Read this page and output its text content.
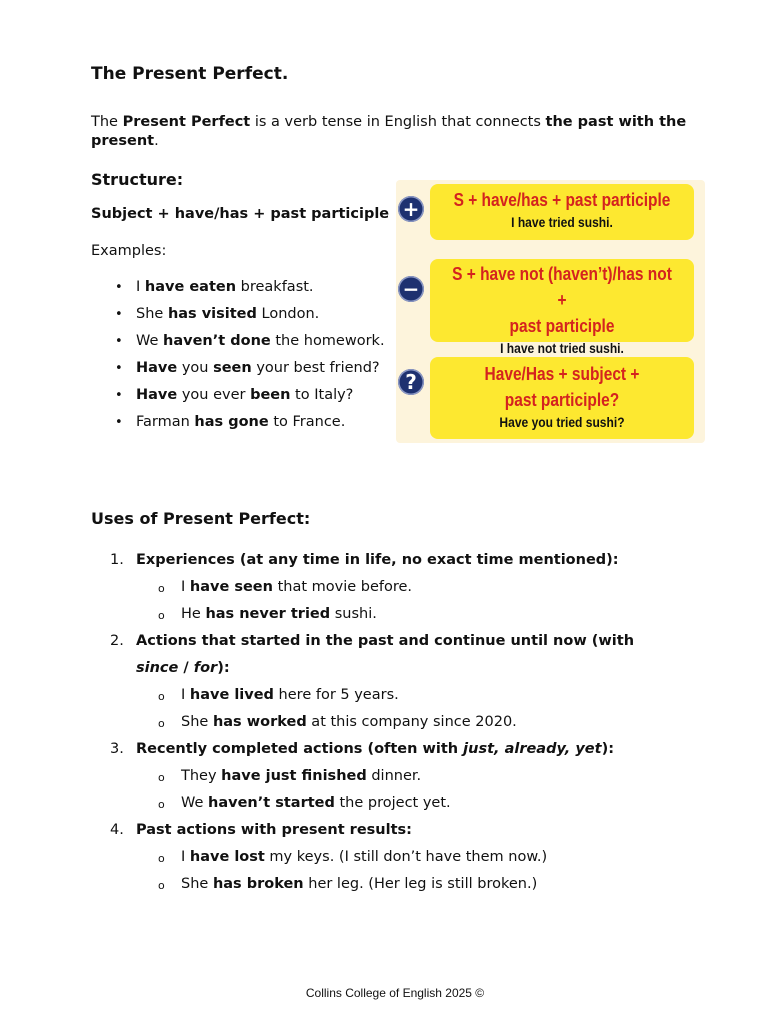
The Present Perfect.
The Present Perfect is a verb tense in English that connects the past with the present.
Structure:
Subject + have/has + past participle
Examples:
• I have eaten breakfast.
• She has visited London.
• We haven’t done the homework.
• Have you seen your best friend?
• Have you ever been to Italy?
• Farman has gone to France.
+ S + have/has + past participle
I have tried sushi.
−
S + have not (haven’t)/has not +
past participle
I have not tried sushi.
?	Have/Has + subject +
past participle?
Have you tried sushi?
Uses of Present Perfect:
1. Experiences (at any time in life, no exact time mentioned):
o I have seen that movie before.
o He has never tried sushi.
2. Actions that started in the past and continue until now (with since / for):
o I have lived here for 5 years.
o She has worked at this company since 2020.
3. Recently completed actions (often with just, already, yet):
o They have just finished dinner.
o We haven’t started the project yet.
4. Past actions with present results:
o I have lost my keys. (I still don’t have them now.)
o She has broken her leg. (Her leg is still broken.)
Collins College of English 2025 ©
